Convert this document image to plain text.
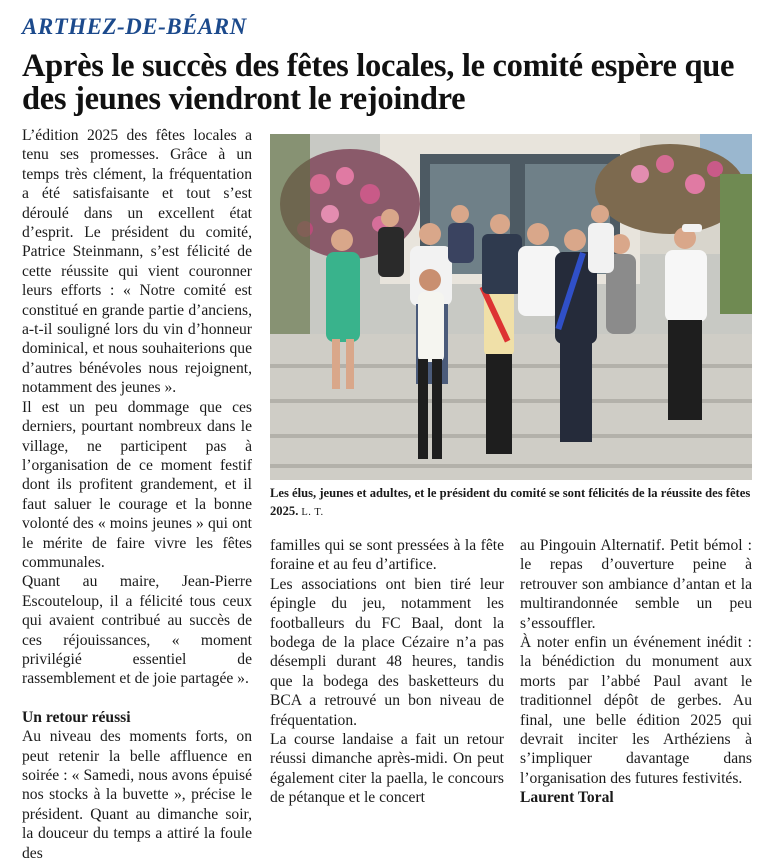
ARTHEZ-DE-BÉARN
Après le succès des fêtes locales, le comité espère que des jeunes viendront le rejoindre

L’édition 2025 des fêtes locales a tenu ses promesses. Grâce à un temps très clément, la fréquentation a été satisfaisante et tout s’est déroulé dans un excellent état d’esprit. Le président du comité, Patrice Steinmann, s’est félicité de cette réussite qui vient couronner leurs efforts : « Notre comité est constitué en grande partie d’anciens, a-t-il souligné lors du vin d’honneur dominical, et nous souhaiterions que d’autres bénévoles nous rejoignent, notamment des jeunes ».

Il est un peu dommage que ces derniers, pourtant nombreux dans le village, ne participent pas à l’organisation de ce moment festif dont ils profitent grandement, et il faut saluer le courage et la bonne volonté des « moins jeunes » qui ont le mérite de faire vivre les fêtes communales.

Quant au maire, Jean-Pierre Escouteloup, il a félicité tous ceux qui avaient contribué au succès de ces réjouissances, « moment privilégié essentiel de rassemblement et de joie partagée ».

Un retour réussi

Au niveau des moments forts, on peut retenir la belle affluence en soirée : « Samedi, nous avons épuisé nos stocks à la buvette », précise le président. Quant au dimanche soir, la douceur du temps a attiré la foule des

Les élus, jeunes et adultes, et le président du comité se sont félicités de la réussite des fêtes 2025. L. T.

familles qui se sont pressées à la fête foraine et au feu d’artifice.

Les associations ont bien tiré leur épingle du jeu, notamment les footballeurs du FC Baal, dont la bodega de la place Cézaire n’a pas désempli durant 48 heures, tandis que la bodega des basketteurs du BCA a retrouvé un bon niveau de fréquentation.

La course landaise a fait un retour réussi dimanche après-midi. On peut également citer la paella, le concours de pétanque et le concert

au Pingouin Alternatif. Petit bémol : le repas d’ouverture peine à retrouver son ambiance d’antan et la multirandonnée semble un peu s’essouffler.

À noter enfin un événement inédit : la bénédiction du monument aux morts par l’abbé Paul avant le traditionnel dépôt de gerbes. Au final, une belle édition 2025 qui devrait inciter les Arthéziens à s’impliquer davantage dans l’organisation des futures festivités.

Laurent Toral
